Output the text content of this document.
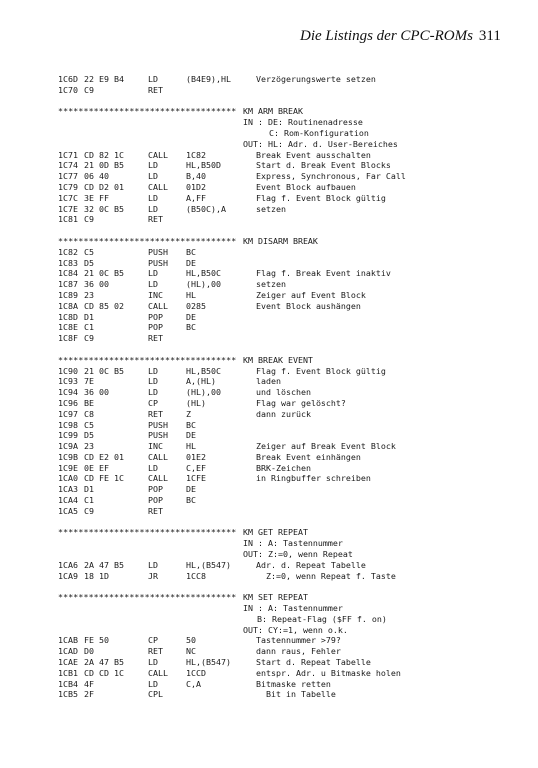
Die Listings der CPC-ROMs 311
1C6D 22 E9 B4	LD	(B4E9),HL	Verzögerungswerte setzen
1C70 C9	RET
*********************************** KM ARM BREAK
IN : DE: Routinenadresse
C: Rom-Konfiguration
OUT: HL: Adr. d. User-Bereiches
1C71 CD 82 1C	CALL 1C82	Break Event ausschalten
1C74 21 0D B5	LD	HL,B50D	Start d. Break Event Blocks
1C77 06 40	LD	B,40	Express, Synchronous, Far Call
1C79 CD D2 01	CALL 01D2	Event Block aufbauen
1C7C 3E FF	LD	A,FF	Flag f. Event Block gültig
1C7E 32 0C B5	LD	(B50C),A	setzen
1C81 C9	RET
*********************************** KM DISARM BREAK
1C82 C5	PUSH BC
1C83 D5	PUSH DE
1C84 21 0C B5	LD	HL,B50C	Flag f. Break Event inaktiv
1C87 36 00	LD	(HL),00	setzen
1C89 23	INC	HL	Zeiger auf Event Block
1C8A CD 85 02	CALL 0285	Event Block aushängen
1C8D D1	POP	DE
1C8E C1	POP	BC
1C8F C9	RET
*********************************** KM BREAK EVENT
1C90 21 0C B5	LD	HL,B50C	Flag f. Event Block gültig
1C93 7E	LD	A,(HL)	laden
1C94 36 00	LD	(HL),00	und löschen
1C96 BE	CP	(HL)	Flag war gelöscht?
1C97 C8	RET	Z	dann zurück
1C98 C5	PUSH BC
1C99 D5	PUSH DE
1C9A 23	INC	HL	Zeiger auf Break Event Block
1C9B CD E2 01	CALL 01E2	Break Event einhängen
1C9E 0E EF	LD	C,EF	BRK-Zeichen
1CA0 CD FE 1C	CALL 1CFE	in Ringbuffer schreiben
1CA3 D1	POP	DE
1CA4 C1	POP	BC
1CA5 C9	RET
*********************************** KM GET REPEAT
IN : A: Tastennummer
OUT: Z:=0, wenn Repeat
1CA6 2A 47 B5	LD	HL,(B547)	Adr. d. Repeat Tabelle
1CA9 18 1D	JR	1CC8	Z:=0, wenn Repeat f. Taste
*********************************** KM SET REPEAT
IN : A: Tastennummer
B: Repeat-Flag ($FF f. on)
OUT: CY:=1, wenn o.k.
1CAB FE 50	CP	50	Tastennummer >79?
1CAD D0	RET	NC	dann raus, Fehler
1CAE 2A 47 B5	LD	HL,(B547)	Start d. Repeat Tabelle
1CB1 CD CD 1C	CALL 1CCD	entspr. Adr. u Bitmaske holen
1CB4 4F	LD	C,A	Bitmaske retten
1CB5 2F	CPL	Bit in Tabelle
